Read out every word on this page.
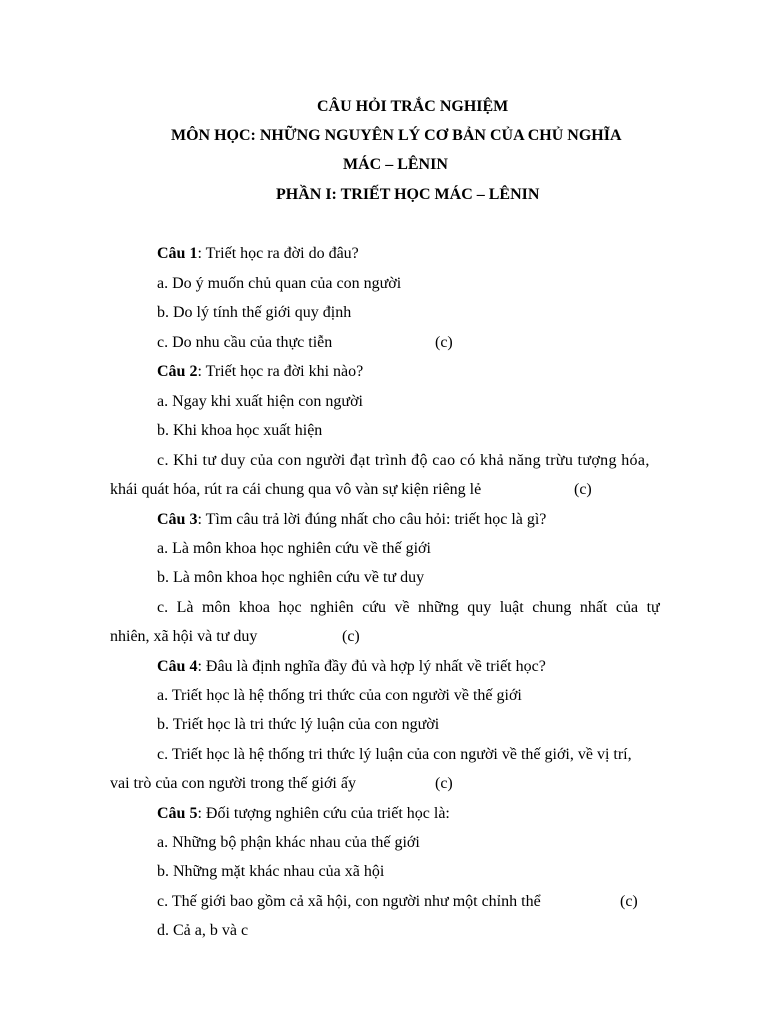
CÂU HỎI TRẮC NGHIỆM
MÔN HỌC: NHỮNG NGUYÊN LÝ CƠ BẢN CỦA CHỦ NGHĨA
MÁC – LÊNIN
PHẦN I: TRIẾT HỌC MÁC – LÊNIN
Câu 1: Triết học ra đời do đâu?
a. Do ý muốn chủ quan của con người
b. Do lý tính thế giới quy định
c. Do nhu cầu của thực tiễn	(c)
Câu 2: Triết học ra đời khi nào?
a. Ngay khi xuất hiện con người
b. Khi khoa học xuất hiện
c. Khi tư duy của con người đạt trình độ cao có khả năng trừu tượng hóa,
khái quát hóa, rút ra cái chung qua vô vàn sự kiện riêng lẻ	(c)
Câu 3: Tìm câu trả lời đúng nhất cho câu hỏi: triết học là gì?
a. Là môn khoa học nghiên cứu về thế giới
b. Là môn khoa học nghiên cứu về tư duy
c. Là môn khoa học nghiên cứu về những quy luật chung nhất của tự
nhiên, xã hội và tư duy	(c)
Câu 4: Đâu là định nghĩa đầy đủ và hợp lý nhất về triết học?
a. Triết học là hệ thống tri thức của con người về thế giới
b. Triết học là tri thức lý luận của con người
c. Triết học là hệ thống tri thức lý luận của con người về thế giới, về vị trí,
vai trò của con người trong thế giới ấy	(c)
Câu 5: Đối tượng nghiên cứu của triết học là:
a. Những bộ phận khác nhau của thế giới
b. Những mặt khác nhau của xã hội
c. Thế giới bao gồm cả xã hội, con người như một chỉnh thể	(c)
d. Cả a, b và c
